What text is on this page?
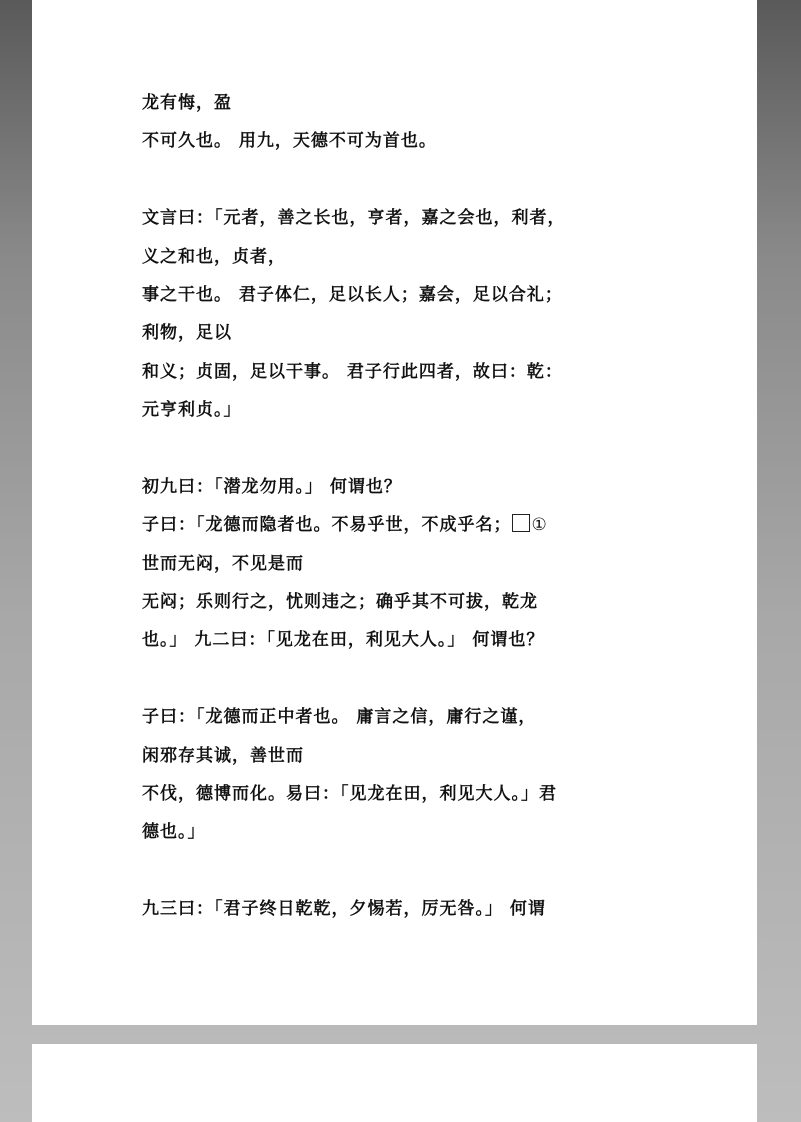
龙有悔，盈
不可久也。 用九，天德不可为首也。
文言曰：「元者，善之长也，亨者，嘉之会也，利者，
义之和也，贞者，
事之干也。 君子体仁，足以长人；嘉会，足以合礼；
利物，足以
和义；贞固，足以干事。 君子行此四者，故曰：乾：
元亨利贞。」
初九曰：「潜龙勿用。」 何谓也？
子曰：「龙德而隐者也。不易乎世，不成乎名； ①
世而无闷，不见是而
无闷；乐则行之，忧则违之；确乎其不可拔，乾龙
也。」 九二曰：「见龙在田，利见大人。」 何谓也？
子曰：「龙德而正中者也。 庸言之信，庸行之谨，
闲邪存其诚，善世而
不伐，德博而化。易曰：「见龙在田，利见大人。」君
德也。」
九三曰：「君子终日乾乾，夕惕若，厉无咎。」 何谓
